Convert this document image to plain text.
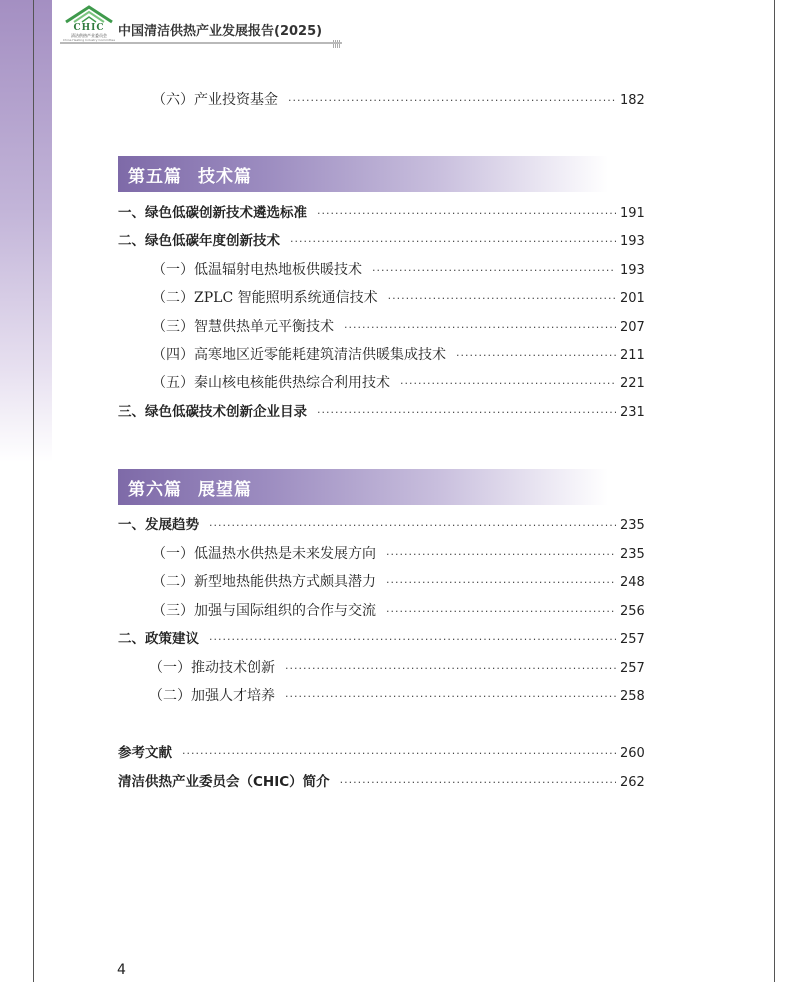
CHIC
清洁供热产业委员会
China Heating Industry Committee
中国清洁供热产业发展报告(2025)
（六）产业投资基金 ·····	182
第五篇 技术篇
一、绿色低碳创新技术遴选标准 ·····	191
二、绿色低碳年度创新技术 ·····	193
（一）低温辐射电热地板供暖技术 ·····	193
（二）ZPLC 智能照明系统通信技术 ·····	201
（三）智慧供热单元平衡技术 ·····	207
（四）高寒地区近零能耗建筑清洁供暖集成技术 ·····	211
（五）秦山核电核能供热综合利用技术 ·····	221
三、绿色低碳技术创新企业目录 ·····	231
第六篇 展望篇
一、发展趋势 ·····	235
（一）低温热水供热是未来发展方向 ·····	235
（二）新型地热能供热方式颇具潜力 ·····	248
（三）加强与国际组织的合作与交流 ·····	256
二、政策建议 ·····	257
（一）推动技术创新 ·····	257
（二）加强人才培养 ·····	258
参考文献 ·····	260
清洁供热产业委员会（CHIC）简介 ·····	262
4
